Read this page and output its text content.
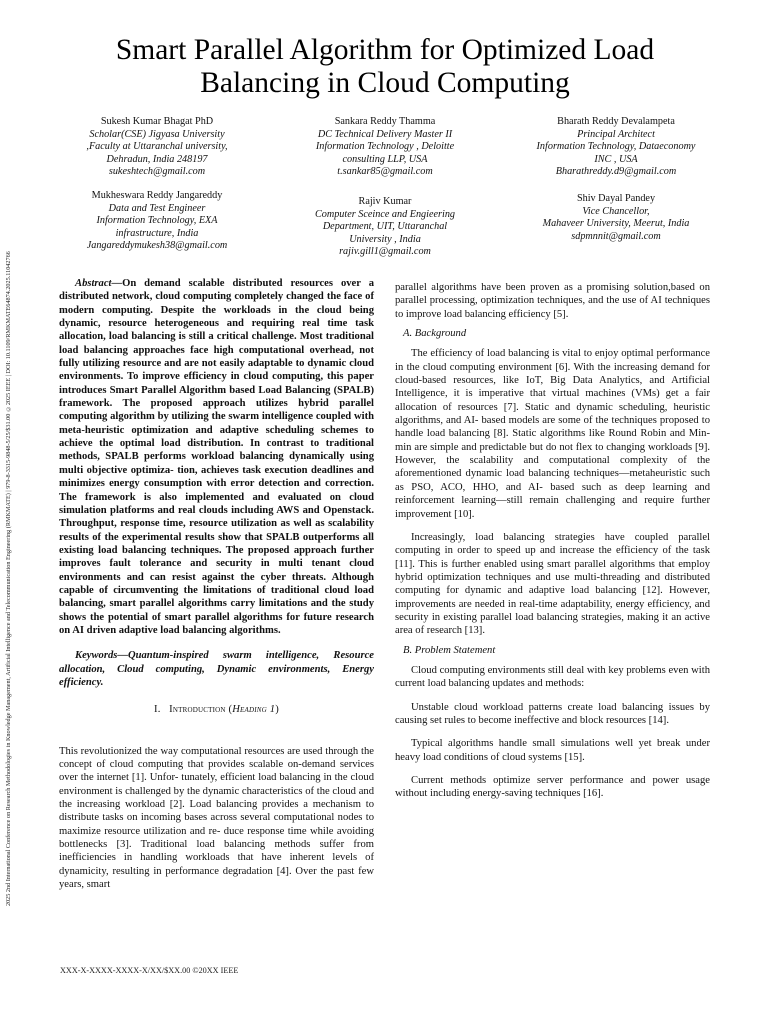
2025 2nd International Conference on Research Methodologies in Knowledge Management, Artificial Intelligence and Telecommunication Engineering (RMKMATE) | 979-8-3315-9848-5/25/$31.00 ©2025 IEEE | DOI: 10.1109/RMKMATE64874.2025.11042766
Smart Parallel Algorithm for Optimized Load
Balancing in Cloud Computing
Sukesh Kumar Bhagat PhD
Scholar(CSE) Jigyasa University
,Faculty at Uttaranchal university,
Dehradun, India 248197
sukeshtech@gmail.com
Sankara Reddy Thamma
DC Technical Delivery Master II
Information Technology , Deloitte
consulting LLP, USA
t.sankar85@gmail.com
Bharath Reddy Devalampeta
Principal Architect
Information Technology, Dataeconomy
INC , USA
Bharathreddy.d9@gmail.com
Mukheswara Reddy Jangareddy
Data and Test Engineer
Information Technology, EXA
infrastructure, India
Jangareddymukesh38@gmail.com
Rajiv Kumar
Computer Sceince and Engieering
Department, UIT, Uttaranchal
University , India
rajiv.gill1@gmail.com
Shiv Dayal Pandey
Vice Chancellor,
Mahaveer University, Meerut, India
sdpmnnit@gmail.com

Abstract—On demand scalable distributed resources over a distributed network, cloud computing completely changed the face of modern computing. Despite the workloads in the cloud being dynamic, resource heterogeneous and requiring real time task allocation, load balancing is still a critical challenge. Most traditional load balancing approaches face high computational overhead, not fully utilizing resource and are not easily adaptable to dynamic cloud environments. To improve efficiency in cloud computing, this paper introduces Smart Parallel Algorithm based Load Balancing (SPALB) framework. The proposed approach utilizes hybrid parallel computing algorithm by utilizing the swarm intelligence coupled with meta-heuristic optimization and adaptive scheduling schemes to achieve the optimal load distribution. In contrast to traditional methods, SPALB performs workload balancing dynamically using multi objective optimiza- tion, achieves task execution deadlines and minimizes energy consumption with error detection and correction. The framework is also implemented and evaluated on cloud simulation platforms and real clouds including AWS and Openstack. Throughput, response time, resource utilization as well as scalability results of the experimental results show that SPALB outperforms all existing load balancing techniques. The proposed approach further improves fault tolerance and security in multi tenant cloud environments and can resist against the cyber threats. Although capable of circumventing the limitations of traditional cloud load balancing, smart parallel algorithms carry limitations and the study shows the potential of smart parallel algorithms for future research on AI driven adaptive load balancing algorithms.

Keywords—Quantum-inspired swarm intelligence, Resource allocation, Cloud computing, Dynamic environments, Energy efficiency.

I. Introduction (Heading 1)

This revolutionized the way computational resources are used through the concept of cloud computing that provides scalable on-demand services over the internet [1]. Unfor- tunately, efficient load balancing in the cloud environment is challenged by the dynamic characteristics of the cloud and the increasing workload [2]. Load balancing provides a mechanism to distribute tasks on incoming bases across several computational nodes to maximize resource utilization and re- duce response time while avoiding bottlenecks [3]. Traditional load balancing methods suffer from inefficiencies in handling workloads that have inherent levels of dynamicity, resulting in performance degradation [4]. Over the past few years, smart

parallel algorithms have been proven as a promising solution,based on parallel processing, optimization techniques, and the use of AI techniques to improve load balancing efficiency [5].

A. Background

The efficiency of load balancing is vital to enjoy optimal performance in the cloud computing environment [6]. With the increasing demand for cloud-based resources, like IoT, Big Data Analytics, and Artificial Intelligence, it is imperative that virtual machines (VMs) get a fair allocation of resources [7]. Static and dynamic scheduling, heuristic algorithms, and AI- based models are some of the techniques proposed to handle load balancing [8]. Static algorithms like Round Robin and Min-min are simple and predictable but do not flex to changing workloads [9]. However, the scalability and computational complexity of the aforementioned dynamic load balancing techniques—metaheuristic such as PSO, ACO, HHO, and AI- based such as deep learning and reinforcement learning—still remain challenging and require further improvement [10].

Increasingly, load balancing strategies have coupled parallel computing in order to speed up and increase the efficiency of the task [11]. This is further enabled using smart parallel algorithms that employ hybrid optimization techniques and use multi-threading and distributed computing for dynamic and adaptive load balancing [12]. However, improvements are needed in real-time adaptability, energy efficiency, and security in existing parallel load balancing strategies, making it an active area of research [13].

B. Problem Statement

Cloud computing environments still deal with key problems even with current load balancing updates and methods:

Unstable cloud workload patterns create load balancing issues by causing set rules to become ineffective and block resources [14].

Typical algorithms handle small simulations well yet break under heavy load conditions of cloud systems [15].

Current methods optimize server performance and power usage without including energy-saving techniques [16].

XXX-X-XXXX-XXXX-X/XX/$XX.00 ©20XX IEEE
